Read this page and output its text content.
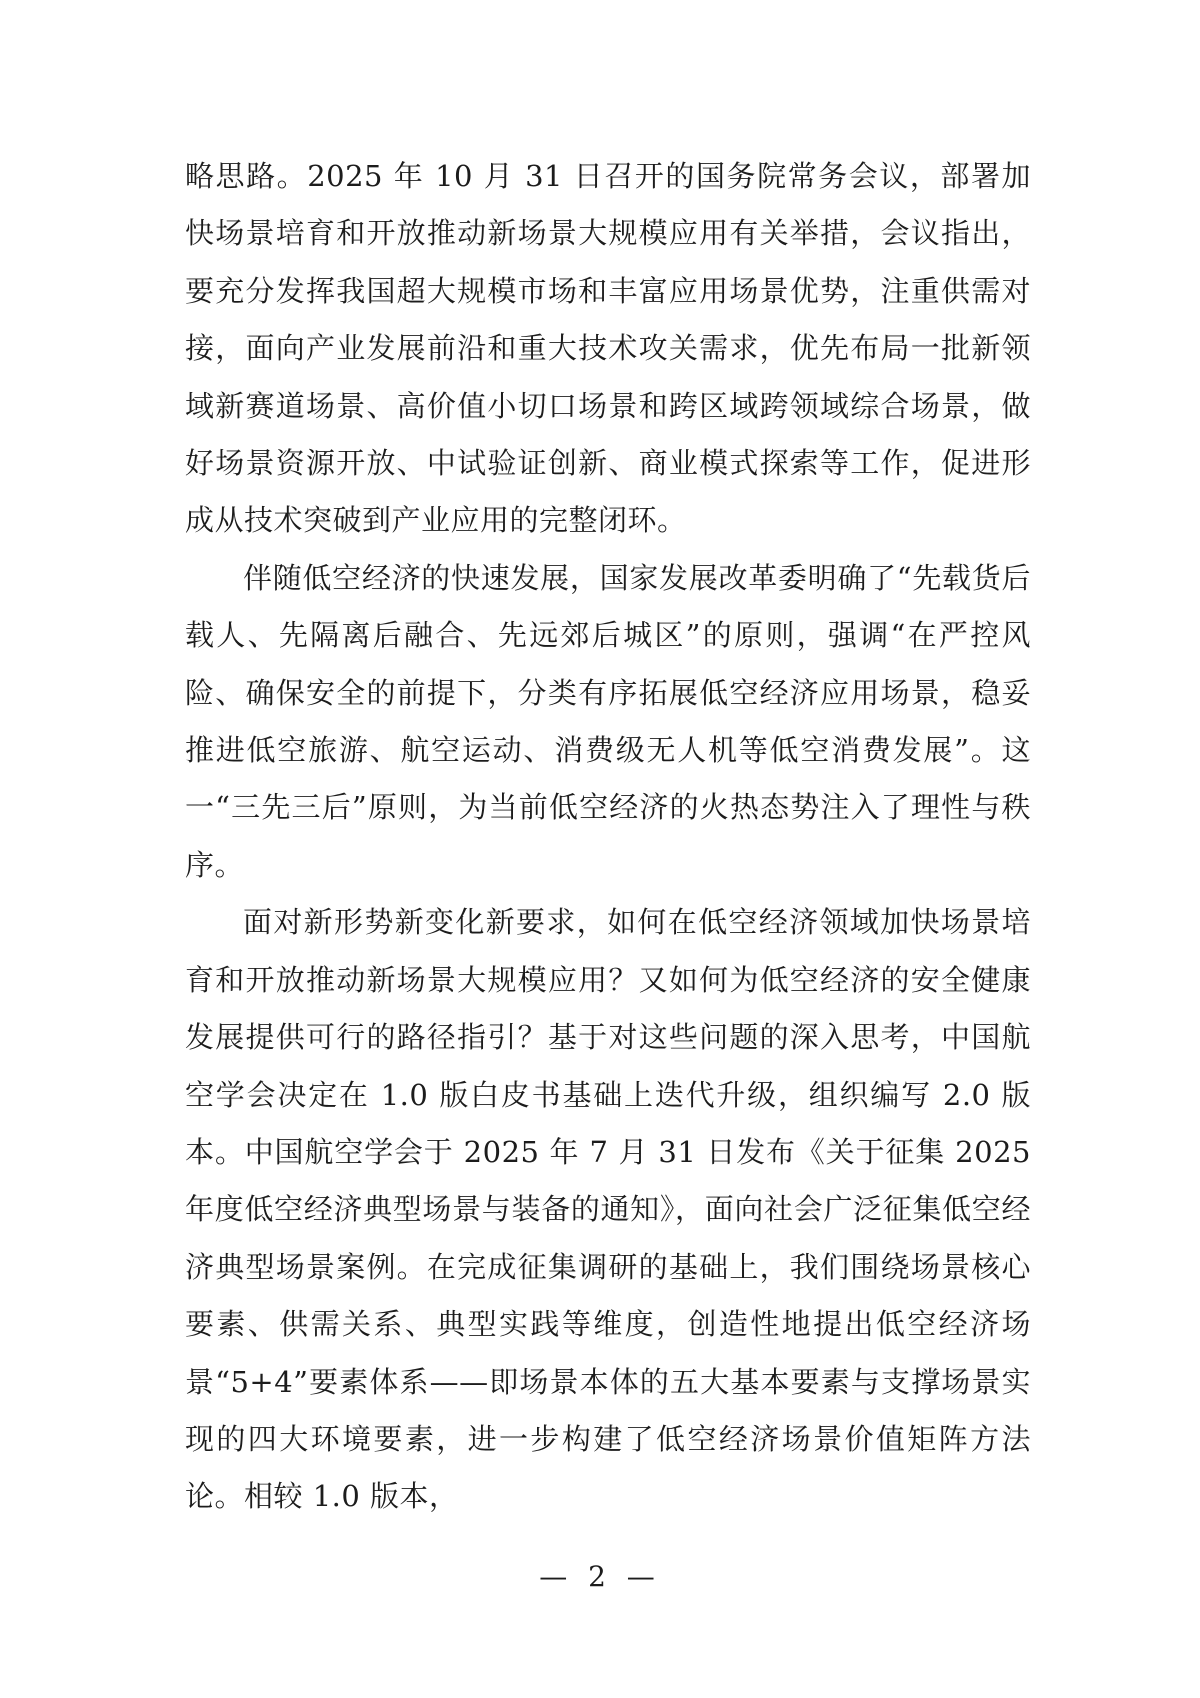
略思路。2025 年 10 月 31 日召开的国务院常务会议，部署加快场景培育和开放推动新场景大规模应用有关举措，会议指出，要充分发挥我国超大规模市场和丰富应用场景优势，注重供需对接，面向产业发展前沿和重大技术攻关需求，优先布局一批新领域新赛道场景、高价值小切口场景和跨区域跨领域综合场景，做好场景资源开放、中试验证创新、商业模式探索等工作，促进形成从技术突破到产业应用的完整闭环。

伴随低空经济的快速发展，国家发展改革委明确了“先载货后载人、先隔离后融合、先远郊后城区”的原则，强调“在严控风险、确保安全的前提下，分类有序拓展低空经济应用场景，稳妥推进低空旅游、航空运动、消费级无人机等低空消费发展”。这一“三先三后”原则，为当前低空经济的火热态势注入了理性与秩序。

面对新形势新变化新要求，如何在低空经济领域加快场景培育和开放推动新场景大规模应用？又如何为低空经济的安全健康发展提供可行的路径指引？基于对这些问题的深入思考，中国航空学会决定在 1.0 版白皮书基础上迭代升级，组织编写 2.0 版本。中国航空学会于 2025 年 7 月 31 日发布《关于征集 2025 年度低空经济典型场景与装备的通知》，面向社会广泛征集低空经济典型场景案例。在完成征集调研的基础上，我们围绕场景核心要素、供需关系、典型实践等维度，创造性地提出低空经济场景“5+4”要素体系——即场景本体的五大基本要素与支撑场景实现的四大环境要素，进一步构建了低空经济场景价值矩阵方法论。相较 1.0 版本，

— 2 —
